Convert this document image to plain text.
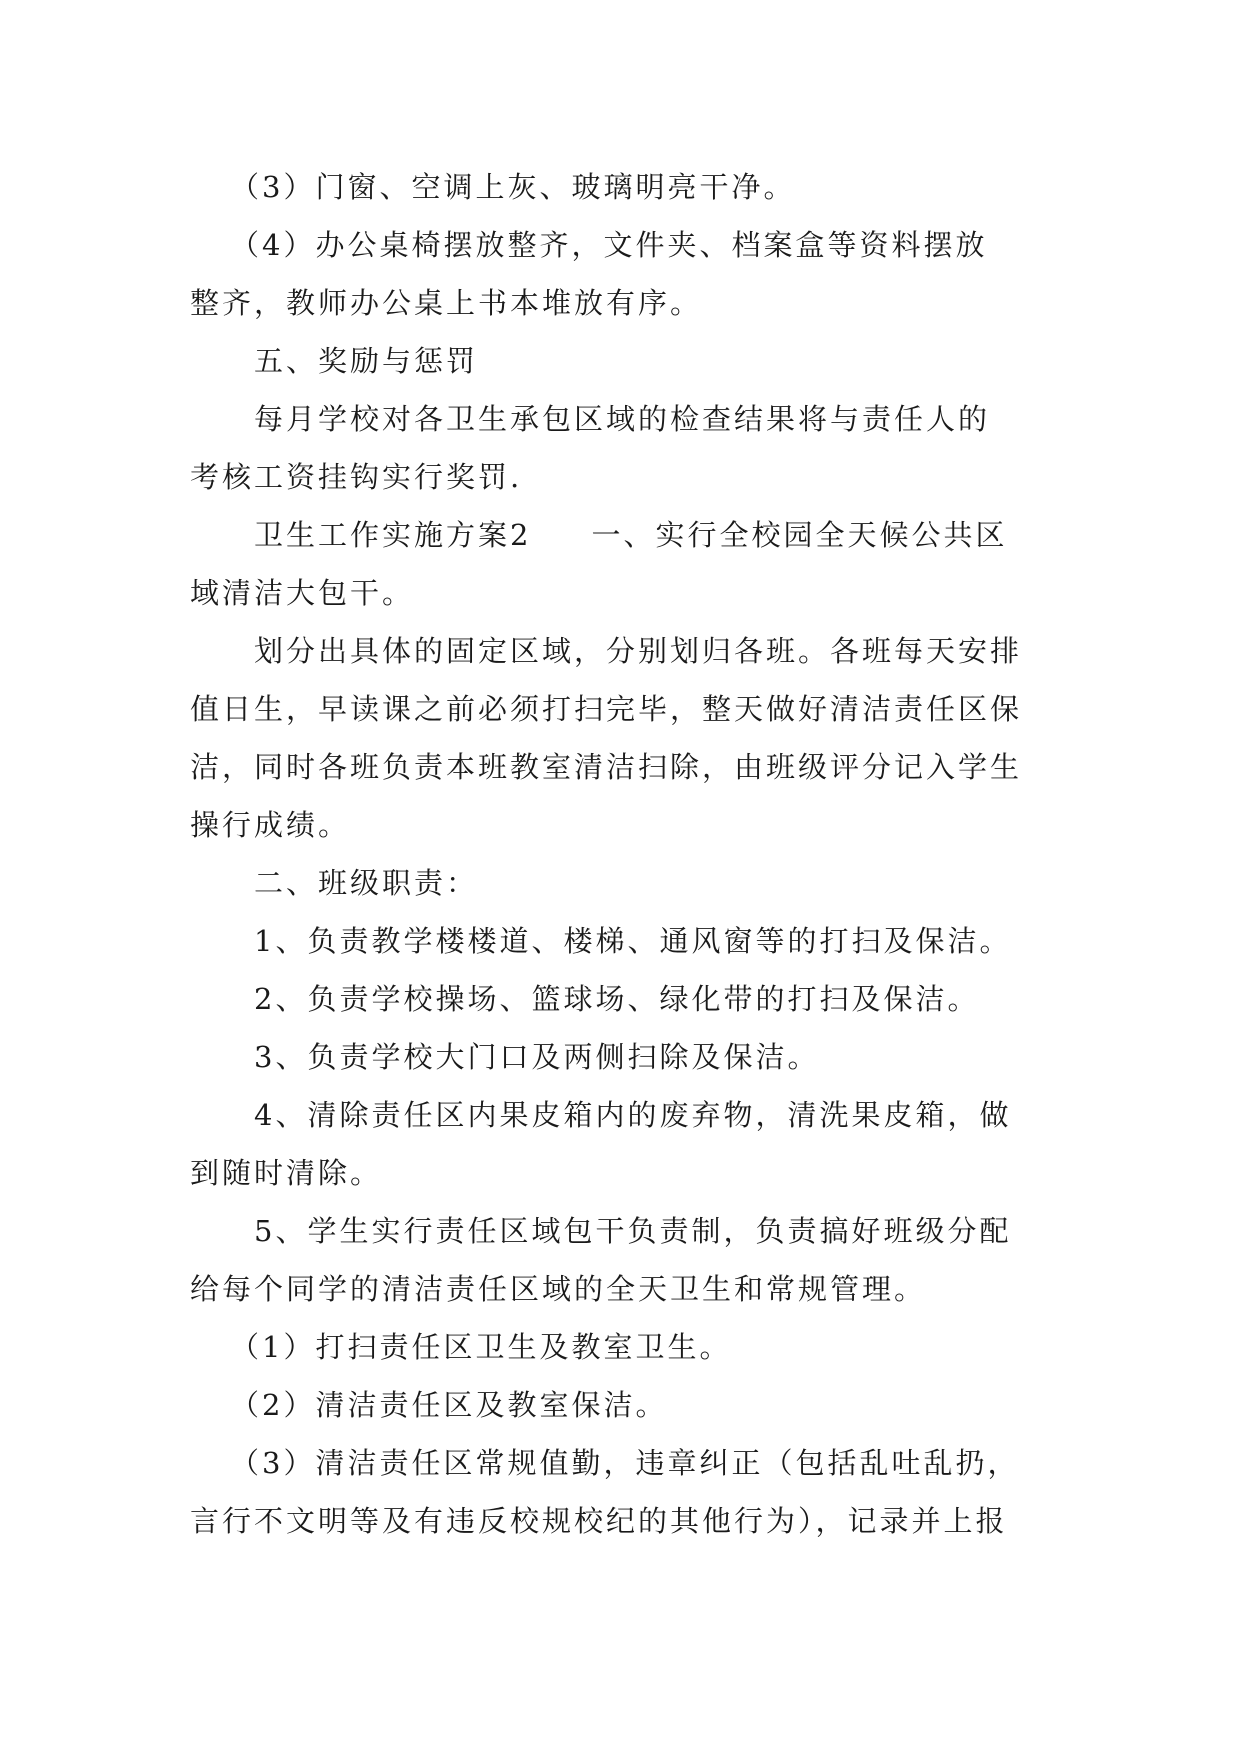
（3）门窗、空调上灰、玻璃明亮干净。

（4）办公桌椅摆放整齐，文件夹、档案盒等资料摆放

整齐，教师办公桌上书本堆放有序。

五、奖励与惩罚

每月学校对各卫生承包区域的检查结果将与责任人的

考核工资挂钩实行奖罚.

卫生工作实施方案2 一、实行全校园全天候公共区

域清洁大包干。

划分出具体的固定区域，分别划归各班。各班每天安排

值日生，早读课之前必须打扫完毕，整天做好清洁责任区保

洁，同时各班负责本班教室清洁扫除，由班级评分记入学生

操行成绩。

二、班级职责：

1、负责教学楼楼道、楼梯、通风窗等的打扫及保洁。

2、负责学校操场、篮球场、绿化带的打扫及保洁。

3、负责学校大门口及两侧扫除及保洁。

4、清除责任区内果皮箱内的废弃物，清洗果皮箱，做

到随时清除。

5、学生实行责任区域包干负责制，负责搞好班级分配

给每个同学的清洁责任区域的全天卫生和常规管理。

（1）打扫责任区卫生及教室卫生。

（2）清洁责任区及教室保洁。

（3）清洁责任区常规值勤，违章纠正（包括乱吐乱扔，

言行不文明等及有违反校规校纪的其他行为），记录并上报
